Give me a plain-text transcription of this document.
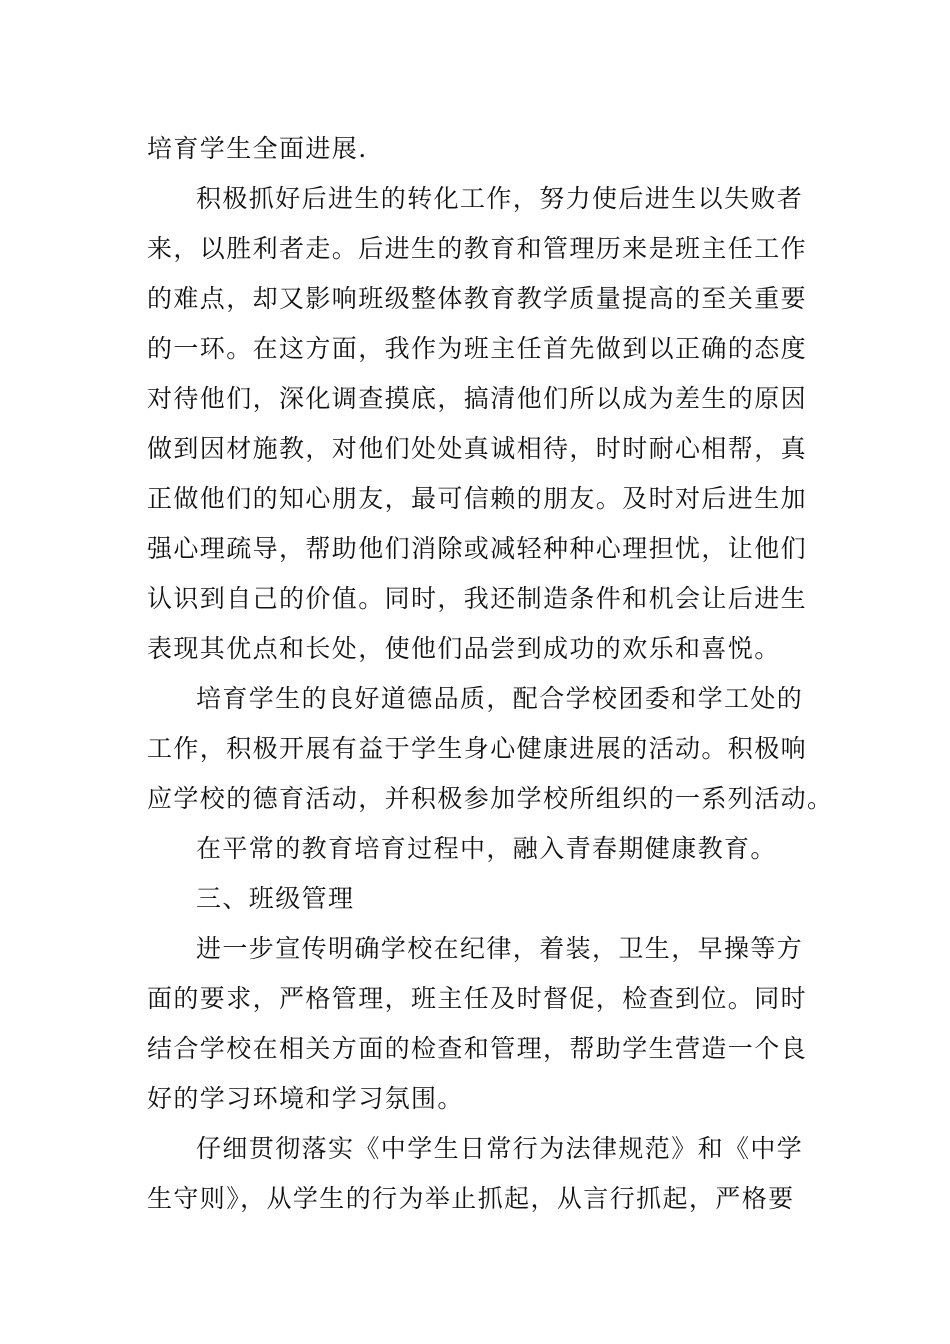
培育学生全面进展.
积极抓好后进生的转化工作，努力使后进生以失败者
来，以胜利者走。后进生的教育和管理历来是班主任工作
的难点，却又影响班级整体教育教学质量提高的至关重要
的一环。在这方面，我作为班主任首先做到以正确的态度
对待他们，深化调查摸底，搞清他们所以成为差生的原因
做到因材施教，对他们处处真诚相待，时时耐心相帮，真
正做他们的知心朋友，最可信赖的朋友。及时对后进生加
强心理疏导，帮助他们消除或减轻种种心理担忧，让他们
认识到自己的价值。同时，我还制造条件和机会让后进生
表现其优点和长处，使他们品尝到成功的欢乐和喜悦。
培育学生的良好道德品质，配合学校团委和学工处的
工作，积极开展有益于学生身心健康进展的活动。积极响
应学校的德育活动，并积极参加学校所组织的一系列活动。
在平常的教育培育过程中，融入青春期健康教育。
三、班级管理
进一步宣传明确学校在纪律，着装，卫生，早操等方
面的要求，严格管理，班主任及时督促，检查到位。同时
结合学校在相关方面的检查和管理，帮助学生营造一个良
好的学习环境和学习氛围。
仔细贯彻落实《中学生日常行为法律规范》和《中学
生守则》，从学生的行为举止抓起，从言行抓起，严格要
